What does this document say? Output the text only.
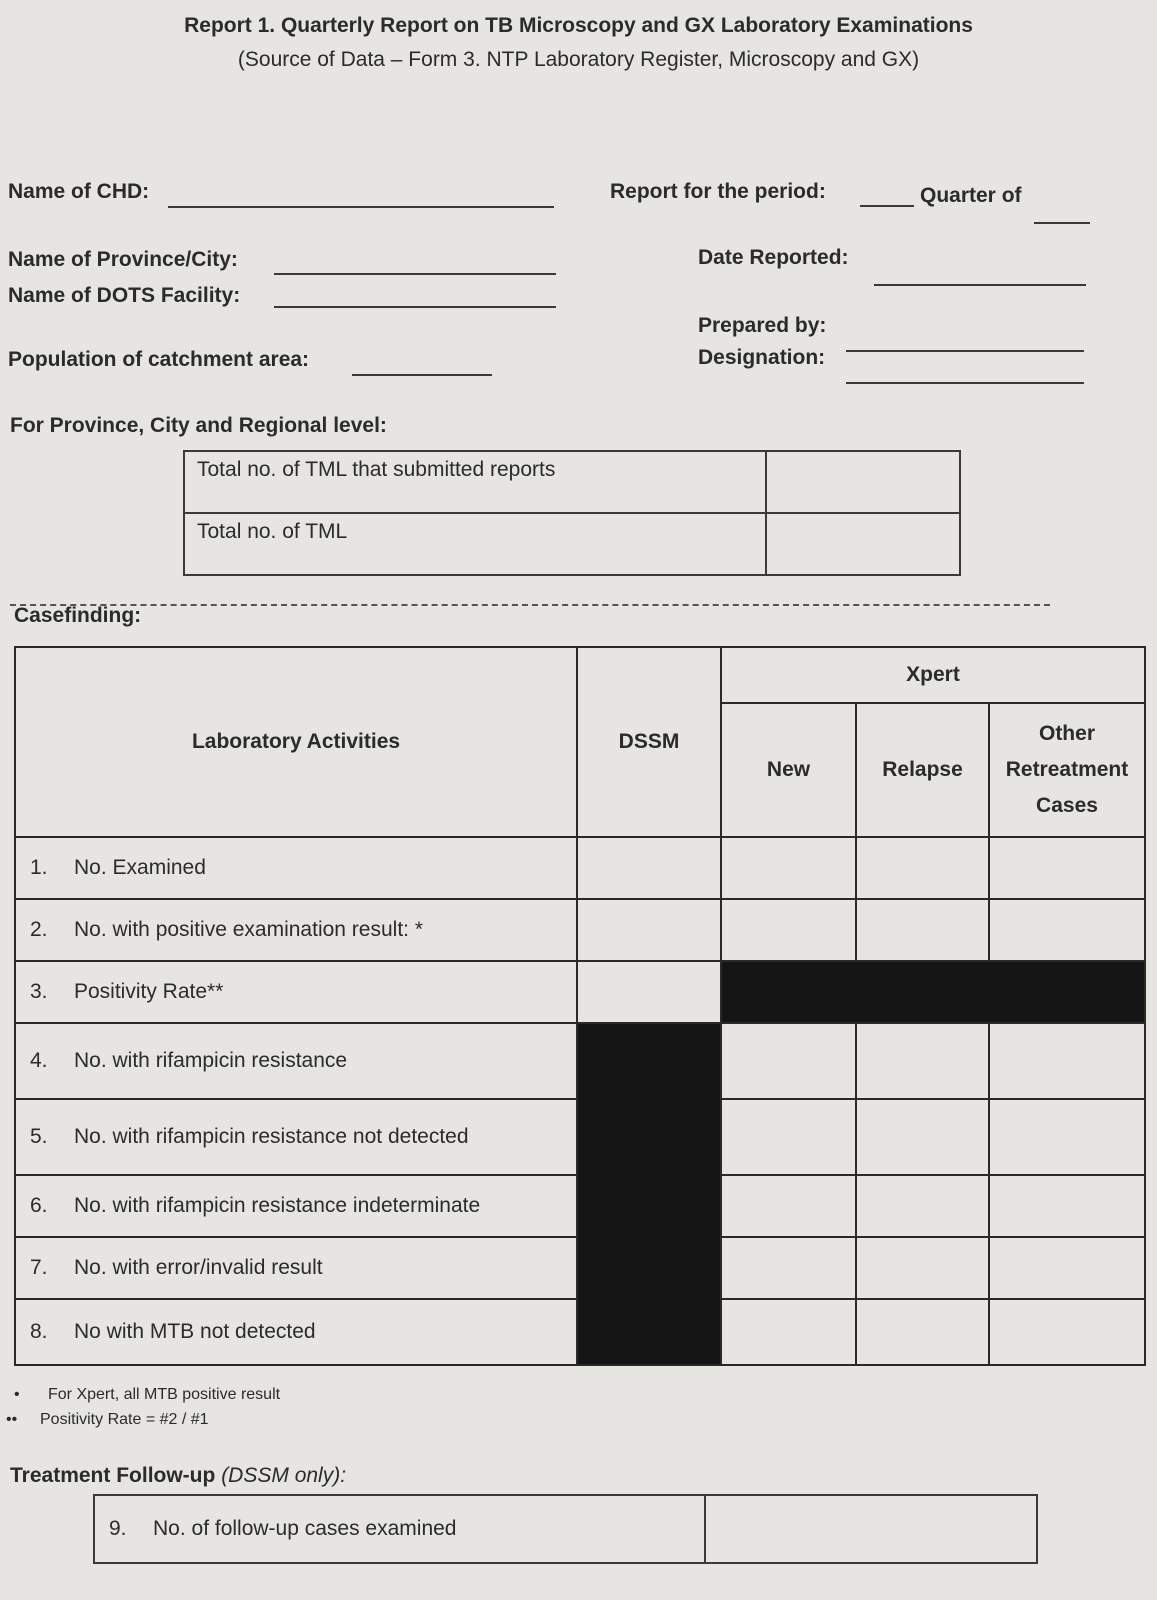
Report 1. Quarterly Report on TB Microscopy and GX Laboratory Examinations
(Source of Data – Form 3. NTP Laboratory Register, Microscopy and GX)
Name of CHD:
Name of Province/City:
Name of DOTS Facility:
Population of catchment area:
Report for the period:	Quarter of
Date Reported:
Prepared by:
Designation:
For Province, City and Regional level:
Total no. of TML that submitted reports	
Total no. of TML	
Casefinding:
Laboratory Activities	DSSM	Xpert		
		New	Relapse	Other
Retreatment
Cases

1. No. Examined				
2. No. with positive examination result: *				
3. Positivity Rate**				
4. No. with rifampicin resistance				
5. No. with rifampicin resistance not detected				
6. No. with rifampicin resistance indeterminate				
7. No. with error/invalid result				
8. No with MTB not detected				
• For Xpert, all MTB positive result
•• Positivity Rate = #2 / #1
Treatment Follow-up (DSSM only):
9. No. of follow-up cases examined	
